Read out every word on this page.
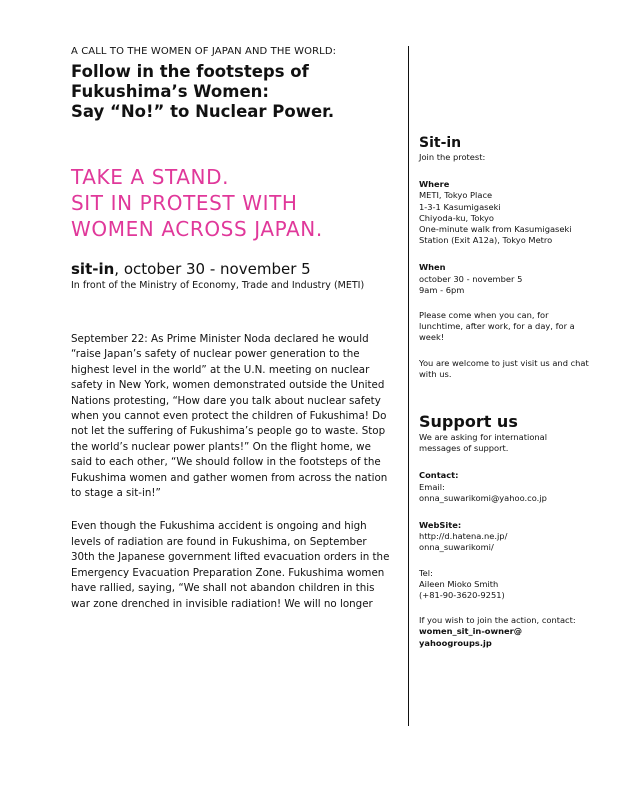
A CALL TO THE WOMEN OF JAPAN AND THE WORLD:
Follow in the footsteps of
Fukushima’s Women:
Say “No!” to Nuclear Power.
TAKE A STAND.
SIT IN PROTEST WITH
WOMEN ACROSS JAPAN.
sit-in, october 30 - november 5
In front of the Ministry of Economy, Trade and Industry (METI)

September 22: As Prime Minister Noda declared he would “raise Japan’s safety of nuclear power generation to the highest level in the world” at the U.N. meeting on nuclear safety in New York, women demonstrated outside the United Nations protesting, “How dare you talk about nuclear safety when you cannot even protect the children of Fukushima! Do not let the suffering of Fukushima’s people go to waste. Stop the world’s nuclear power plants!” On the flight home, we said to each other, “We should follow in the footsteps of the Fukushima women and gather women from across the nation to stage a sit-in!”

Even though the Fukushima accident is ongoing and high levels of radiation are found in Fukushima, on September 30th the Japanese government lifted evacuation orders in the Emergency Evacuation Preparation Zone. Fukushima women have rallied, saying, “We shall not abandon children in this war zone drenched in invisible radiation! We will no longer

Sit-in
Join the protest:
Where
METI, Tokyo Place
1-3-1 Kasumigaseki
Chiyoda-ku, Tokyo
One-minute walk from Kasumigaseki Station (Exit A12a), Tokyo Metro
When
october 30 - november 5
9am - 6pm
Please come when you can, for lunchtime, after work, for a day, for a week!
You are welcome to just visit us and chat with us.
Support us
We are asking for international messages of support.
Contact:
Email:
onna_suwarikomi@yahoo.co.jp
WebSite:
http://d.hatena.ne.jp/
onna_suwarikomi/
Tel:
Aileen Mioko Smith
(+81-90-3620-9251)
If you wish to join the action, contact:
women_sit_in-owner@
yahoogroups.jp
